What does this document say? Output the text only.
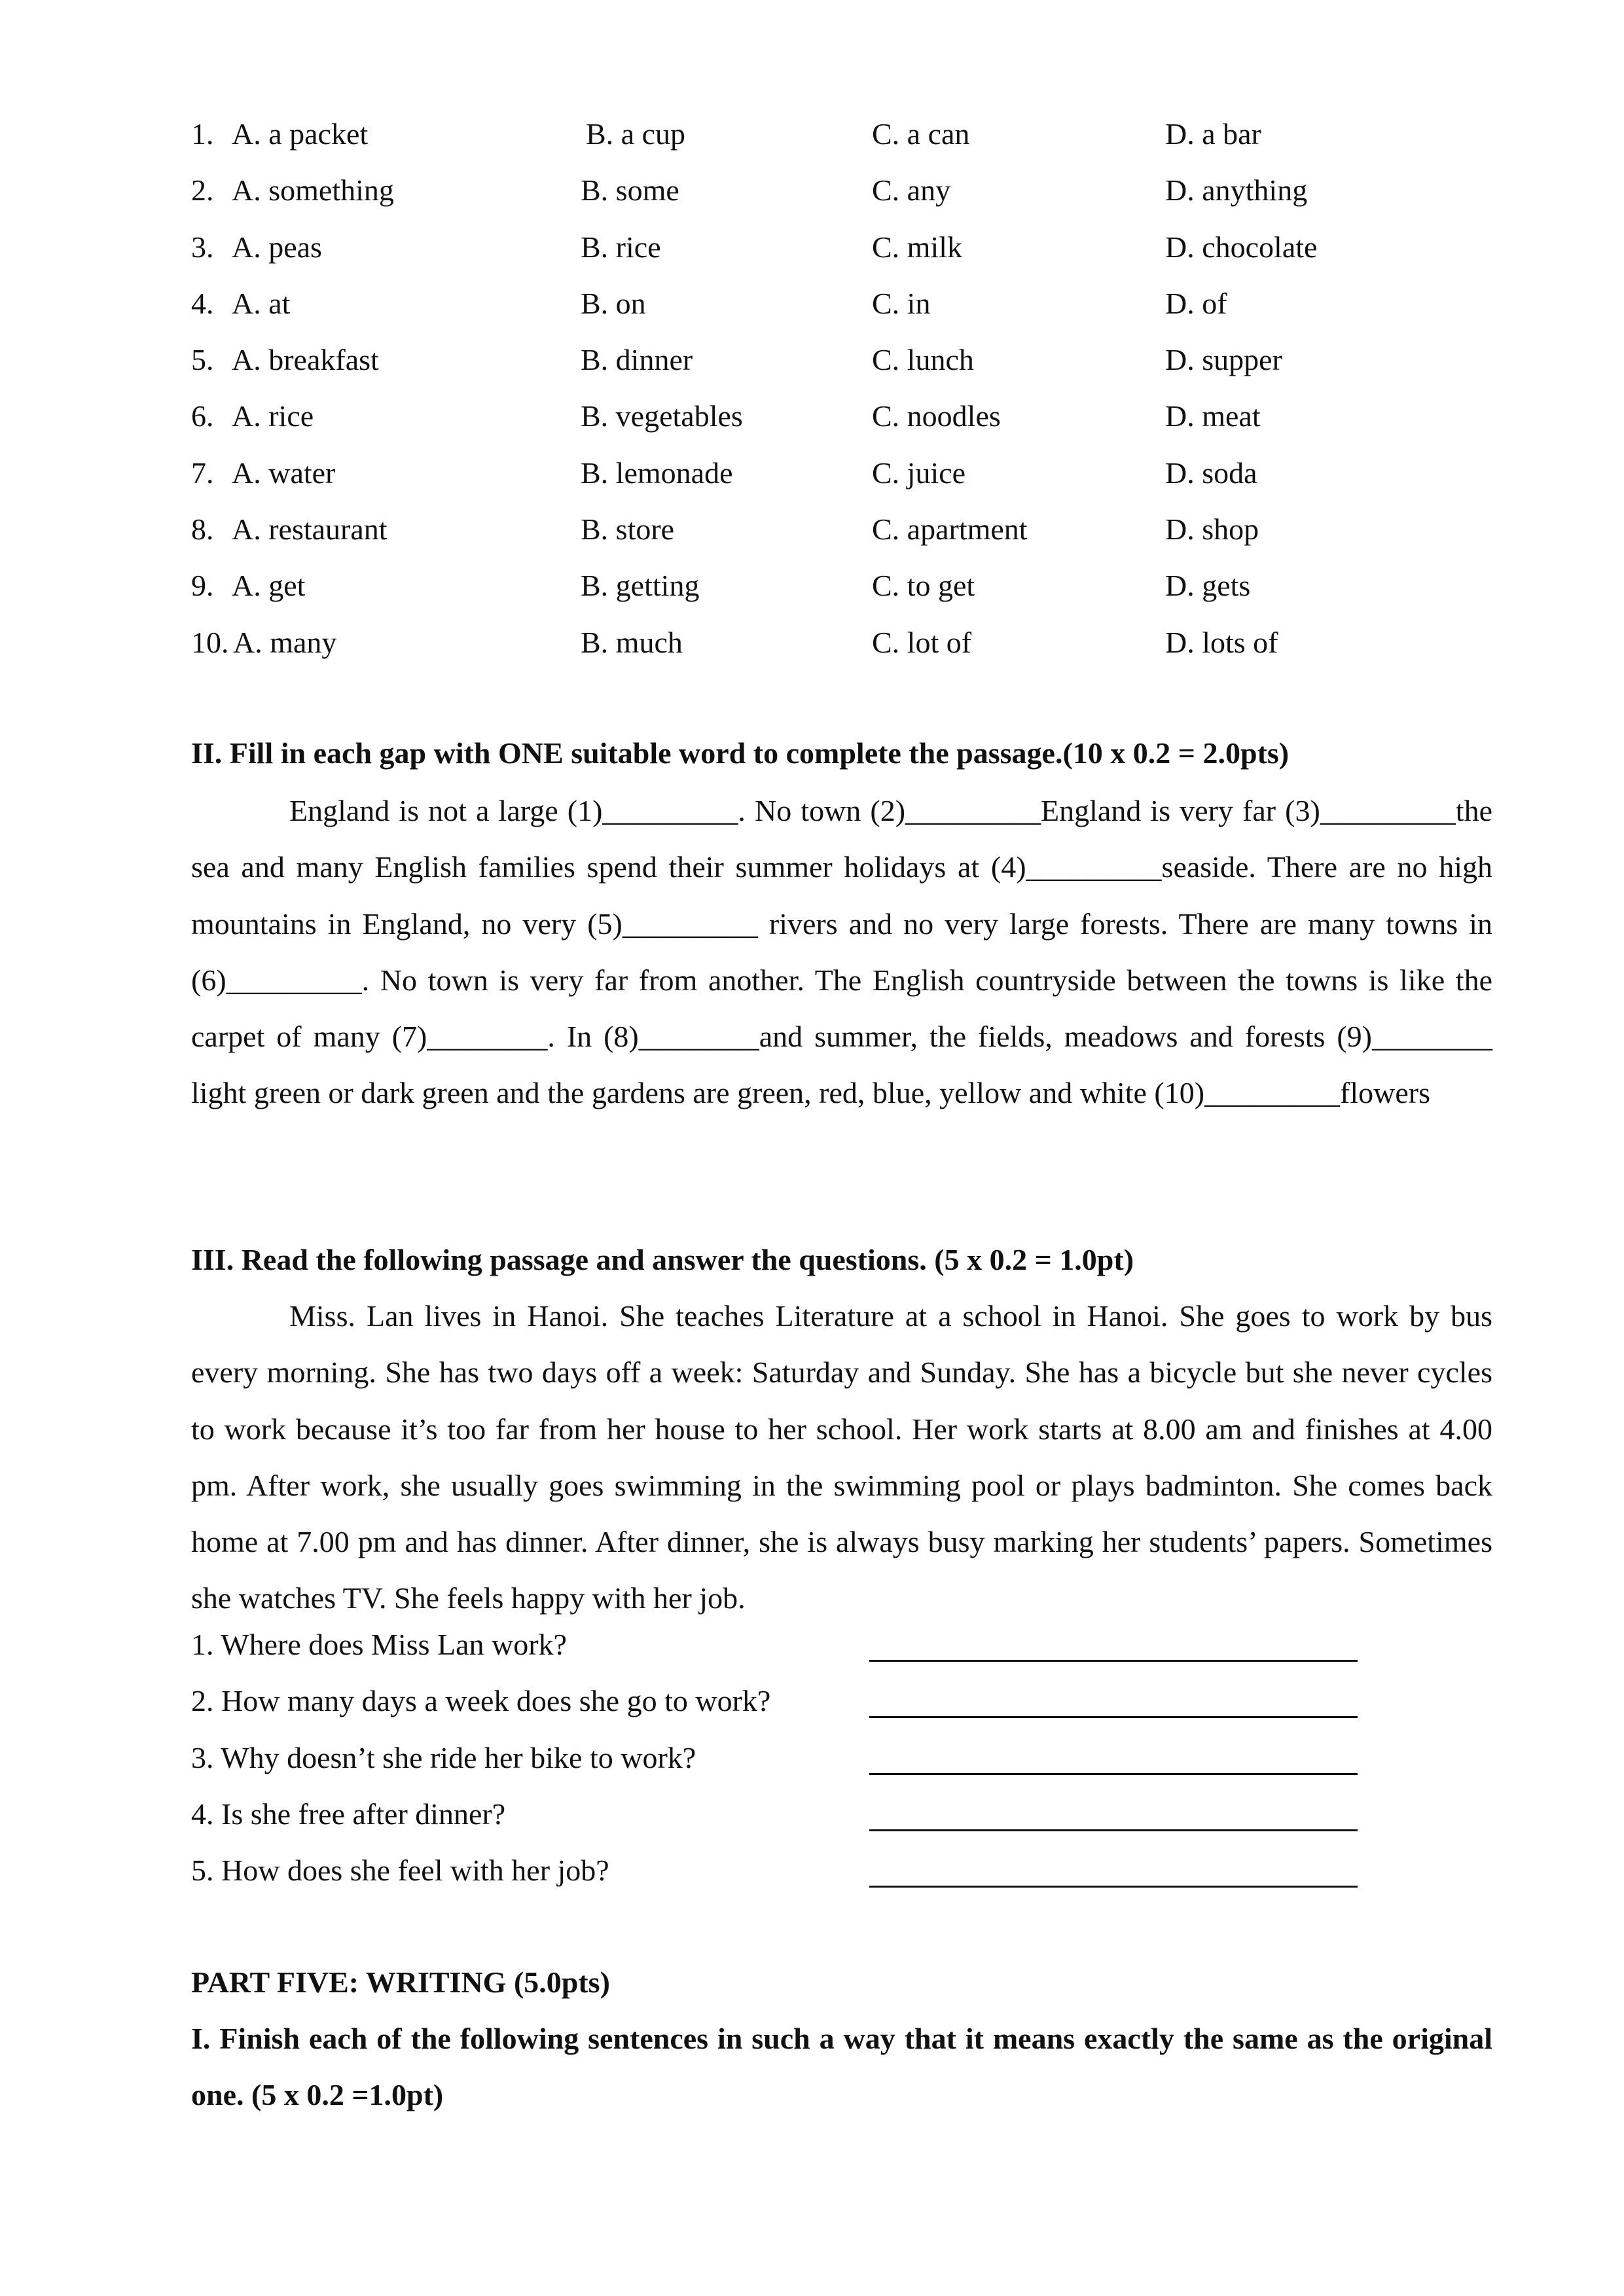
1. A. a packet	B. a cup	C. a can	D. a bar
2. A. something	B. some	C. any	D. anything
3. A. peas	B. rice	C. milk	D. chocolate
4. A. at	B. on	C. in	D. of
5. A. breakfast	B. dinner	C. lunch	D. supper
6. A. rice	B. vegetables	C. noodles	D. meat
7. A. water	B. lemonade	C. juice	D. soda
8. A. restaurant	B. store	C. apartment	D. shop
9. A. get	B. getting	C. to get	D. gets
10. A. many	B. much	C. lot of	D. lots of
II. Fill in each gap with ONE suitable word to complete the passage.(10 x 0.2 = 2.0pts)

England is not a large (1)_________. No town (2)_________England is very far (3)_________the sea and many English families spend their summer holidays at (4)_________seaside. There are no high mountains in England, no very (5)_________ rivers and no very large forests. There are many towns in (6)_________. No town is very far from another. The English countryside between the towns is like the carpet of many (7)________. In (8)________and summer, the fields, meadows and forests (9)________ light green or dark green and the gardens are green, red, blue, yellow and white (10)_________flowers

III. Read the following passage and answer the questions. (5 x 0.2 = 1.0pt)

Miss. Lan lives in Hanoi. She teaches Literature at a school in Hanoi. She goes to work by bus every morning. She has two days off a week: Saturday and Sunday. She has a bicycle but she never cycles to work because it’s too far from her house to her school. Her work starts at 8.00 am and finishes at 4.00 pm. After work, she usually goes swimming in the swimming pool or plays badminton. She comes back home at 7.00 pm and has dinner. After dinner, she is always busy marking her students’ papers. Sometimes she watches TV. She feels happy with her job.

1. Where does Miss Lan work?
2. How many days a week does she go to work?
3. Why doesn’t she ride her bike to work?
4. Is she free after dinner?
5. How does she feel with her job?
PART FIVE: WRITING (5.0pts)

I. Finish each of the following sentences in such a way that it means exactly the same as the original one. (5 x 0.2 =1.0pt)
